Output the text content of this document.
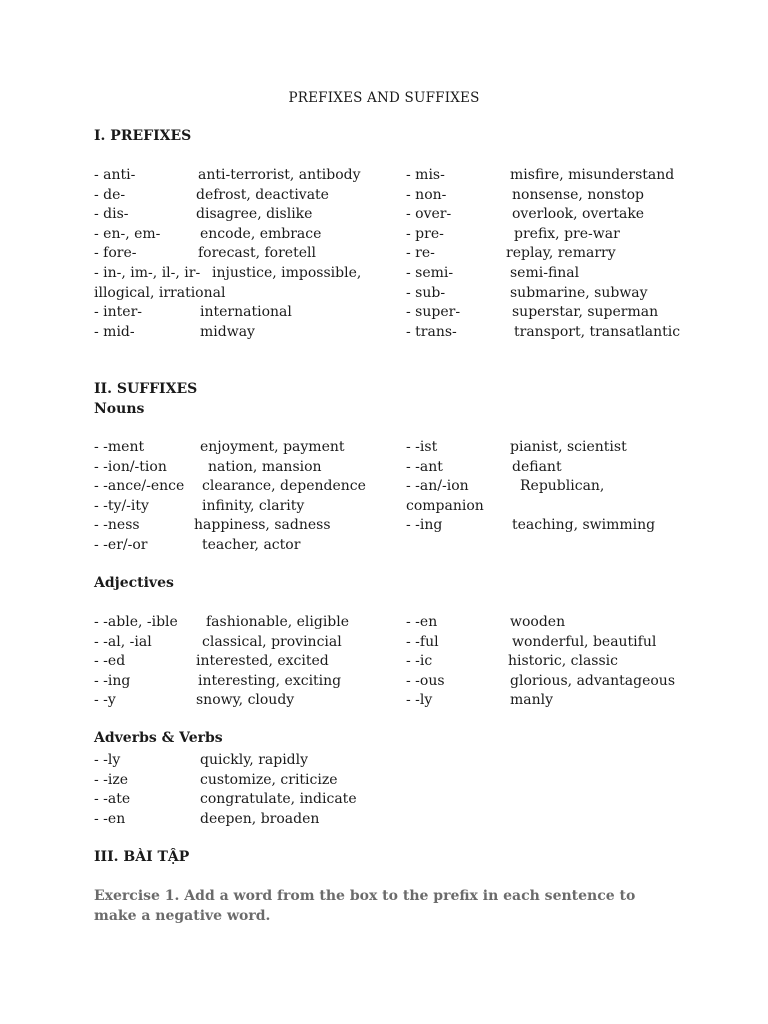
PREFIXES AND SUFFIXES
I. PREFIXES
- anti-	anti-terrorist, antibody
- de-	defrost, deactivate
- dis-	disagree, dislike
- en-, em-	encode, embrace
- fore-	forecast, foretell
- in-, im-, il-, ir- injustice, impossible,
illogical, irrational
- inter-	international
- mid-	midway
- mis-	misfire, misunderstand
- non-	nonsense, nonstop
- over-	overlook, overtake
- pre-	prefix, pre-war
- re-	replay, remarry
- semi-	semi-final
- sub-	submarine, subway
- super-	superstar, superman
- trans-	transport, transatlantic
II. SUFFIXES
Nouns
- -ment	enjoyment, payment
- -ion/-tion	nation, mansion
- -ance/-ence clearance, dependence
- -ty/-ity	infinity, clarity
- -ness	happiness, sadness
- -er/-or	teacher, actor
- -ist	pianist, scientist
- -ant	defiant
- -an/-ion	Republican,
companion
- -ing	teaching, swimming
Adjectives
- -able, -ible fashionable, eligible
- -al, -ial	classical, provincial
- -ed	interested, excited
- -ing	interesting, exciting
- -y	snowy, cloudy
- -en	wooden
- -ful	wonderful, beautiful
- -ic	historic, classic
- -ous	glorious, advantageous
- -ly	manly
Adverbs & Verbs
- -ly	quickly, rapidly
- -ize	customize, criticize
- -ate	congratulate, indicate
- -en	deepen, broaden
III. BÀI TẬP
Exercise 1. Add a word from the box to the prefix in each sentence to make a negative word.
